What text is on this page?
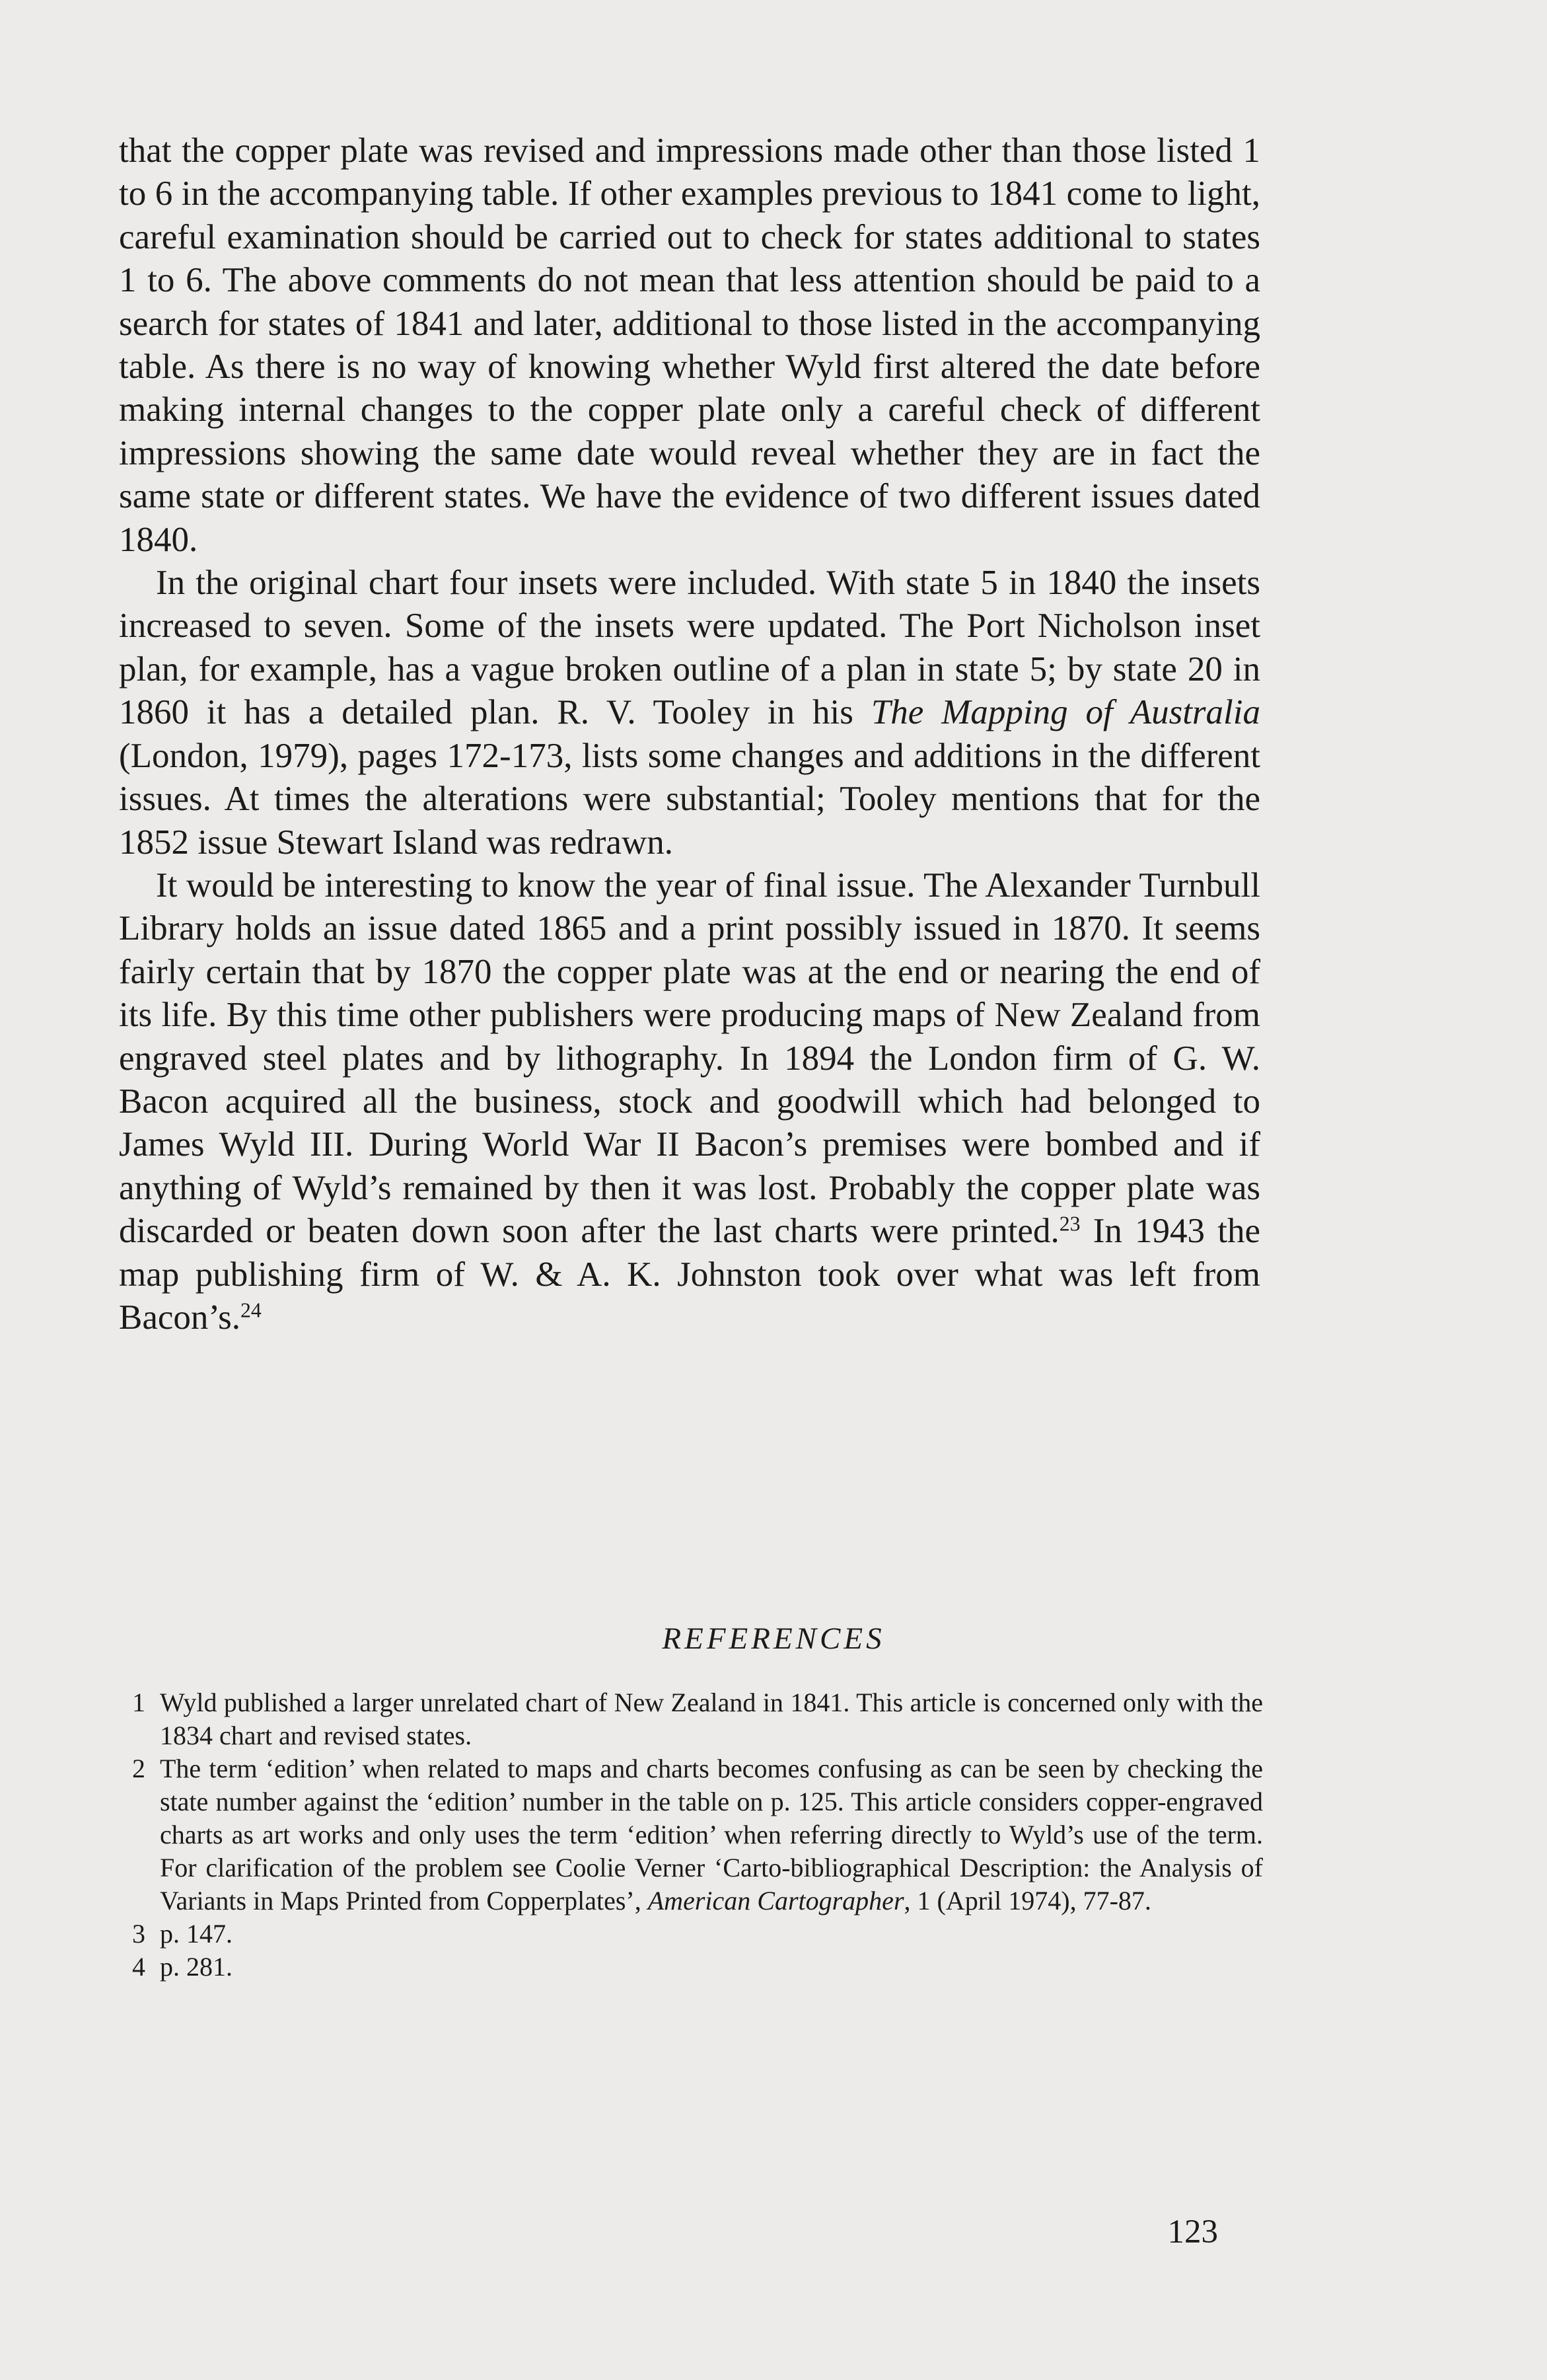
that the copper plate was revised and impressions made other than those listed 1 to 6 in the accompanying table. If other examples previous to 1841 come to light, careful examination should be carried out to check for states additional to states 1 to 6. The above comments do not mean that less attention should be paid to a search for states of 1841 and later, additional to those listed in the accompanying table. As there is no way of knowing whether Wyld first altered the date before making internal changes to the copper plate only a careful check of different impressions showing the same date would reveal whether they are in fact the same state or different states. We have the evidence of two different issues dated 1840.

In the original chart four insets were included. With state 5 in 1840 the insets increased to seven. Some of the insets were updated. The Port Nicholson inset plan, for example, has a vague broken outline of a plan in state 5; by state 20 in 1860 it has a detailed plan. R. V. Tooley in his The Mapping of Australia (London, 1979), pages 172-173, lists some changes and additions in the different issues. At times the alterations were substantial; Tooley mentions that for the 1852 issue Stewart Island was redrawn.

It would be interesting to know the year of final issue. The Alexander Turnbull Library holds an issue dated 1865 and a print possibly issued in 1870. It seems fairly certain that by 1870 the copper plate was at the end or nearing the end of its life. By this time other publishers were producing maps of New Zealand from engraved steel plates and by lithography. In 1894 the London firm of G. W. Bacon acquired all the business, stock and goodwill which had belonged to James Wyld III. During World War II Bacon’s premises were bombed and if anything of Wyld’s remained by then it was lost. Probably the copper plate was discarded or beaten down soon after the last charts were printed.$^{23}$ In 1943 the map publishing firm of W. & A. K. Johnston took over what was left from Bacon’s.$^{24}$

REFERENCES
1 Wyld published a larger unrelated chart of New Zealand in 1841. This article is concerned only with the 1834 chart and revised states.
2 The term ‘edition’ when related to maps and charts becomes confusing as can be seen by checking the state number against the ‘edition’ number in the table on p. 125. This article considers copper-engraved charts as art works and only uses the term ‘edition’ when referring directly to Wyld’s use of the term. For clarification of the problem see Coolie Verner ‘Carto-bibliographical Description: the Analysis of Variants in Maps Printed from Copperplates’, American Cartographer, 1 (April 1974), 77-87.
3 p. 147.
4 p. 281.
123
